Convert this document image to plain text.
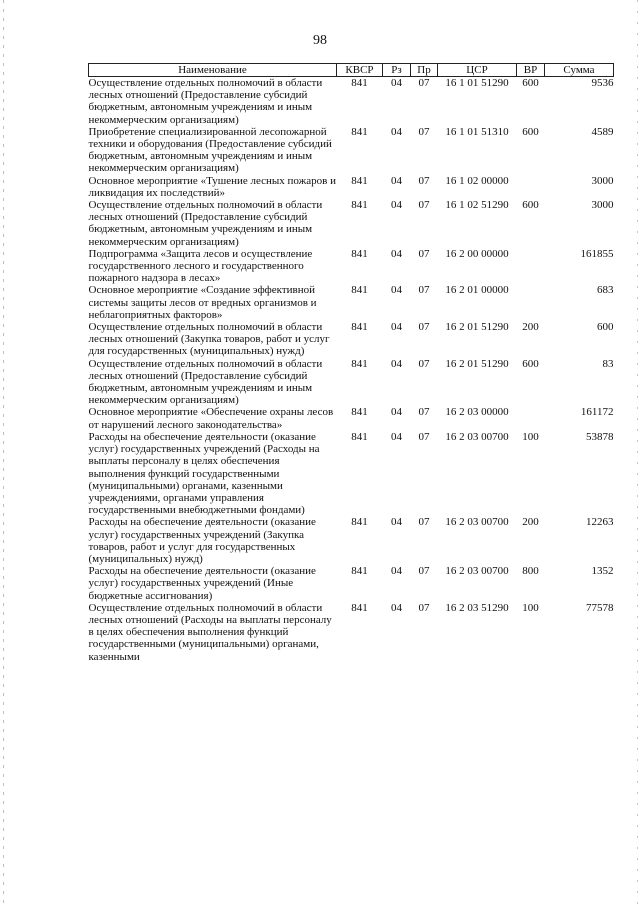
98
Наименование	КВСР	Рз	Пр	ЦСР	ВР	Сумма
Осуществление отдельных полномочий в области лесных отношений (Предоставление субсидий бюджетным, автономным учреждениям и иным некоммерческим организациям)	841	04	07	16 1 01 51290	600	9536
Приобретение специализированной лесопожарной техники и оборудования (Предоставление субсидий бюджетным, автономным учреждениям и иным некоммерческим организациям)	841	04	07	16 1 01 51310	600	4589
Основное мероприятие «Тушение лесных пожаров и ликвидация их последствий»	841	04	07	16 1 02 00000		3000
Осуществление отдельных полномочий в области лесных отношений (Предоставление субсидий бюджетным, автономным учреждениям и иным некоммерческим организациям)	841	04	07	16 1 02 51290	600	3000
Подпрограмма «Защита лесов и осуществление государственного лесного и государственного пожарного надзора в лесах»	841	04	07	16 2 00 00000		161855
Основное мероприятие «Создание эффективной системы защиты лесов от вредных организмов и неблагоприятных факторов»	841	04	07	16 2 01 00000		683
Осуществление отдельных полномочий в области лесных отношений (Закупка товаров, работ и услуг для государственных (муниципальных) нужд)	841	04	07	16 2 01 51290	200	600
Осуществление отдельных полномочий в области лесных отношений (Предоставление субсидий бюджетным, автономным учреждениям и иным некоммерческим организациям)	841	04	07	16 2 01 51290	600	83
Основное мероприятие «Обеспечение охраны лесов от нарушений лесного законодательства»	841	04	07	16 2 03 00000		161172
Расходы на обеспечение деятельности (оказание услуг) государственных учреждений (Расходы на выплаты персоналу в целях обеспечения выполнения функций государственными (муниципальными) органами, казенными учреждениями, органами управления государственными внебюджетными фондами)	841	04	07	16 2 03 00700	100	53878
Расходы на обеспечение деятельности (оказание услуг) государственных учреждений (Закупка товаров, работ и услуг для государственных (муниципальных) нужд)	841	04	07	16 2 03 00700	200	12263
Расходы на обеспечение деятельности (оказание услуг) государственных учреждений (Иные бюджетные ассигнования)	841	04	07	16 2 03 00700	800	1352
Осуществление отдельных полномочий в области лесных отношений (Расходы на выплаты персоналу в целях обеспечения выполнения функций государственными (муниципальными) органами, казенными	841	04	07	16 2 03 51290	100	77578
